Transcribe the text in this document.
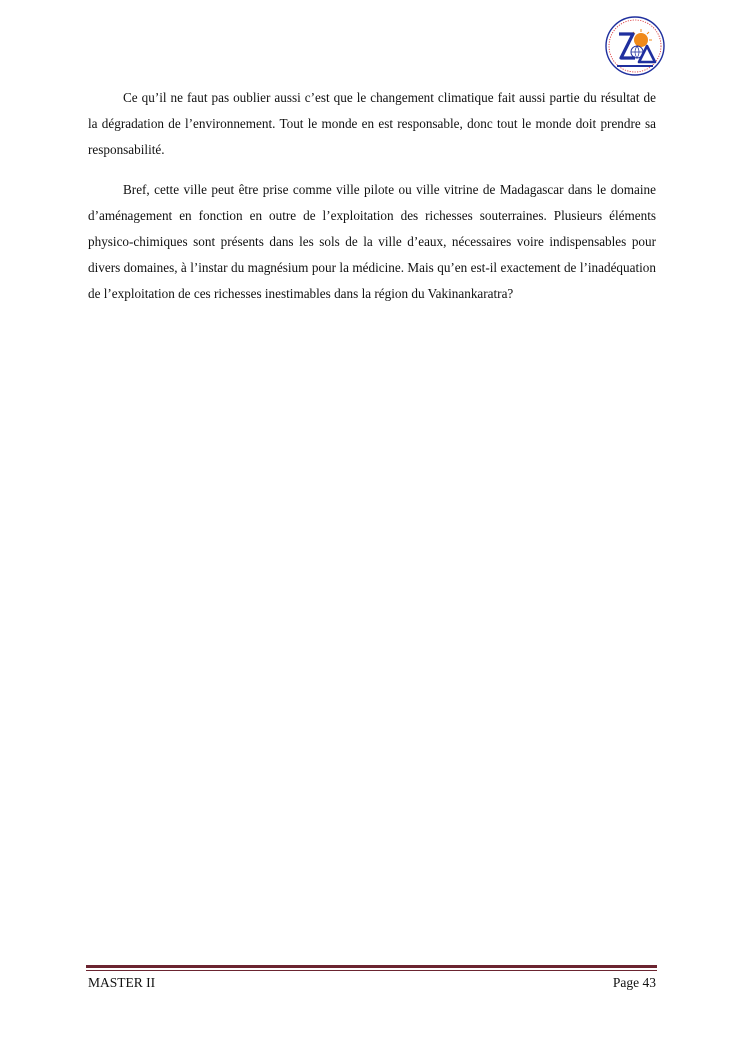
Ce qu’il ne faut pas oublier aussi c’est que le changement climatique fait aussi partie du résultat de la dégradation de l’environnement. Tout le monde en est responsable, donc tout le monde doit prendre sa responsabilité.

Bref, cette ville peut être prise comme ville pilote ou ville vitrine de Madagascar dans le domaine d’aménagement en fonction en outre de l’exploitation des richesses souterraines. Plusieurs éléments physico-chimiques sont présents dans les sols de la ville d’eaux, nécessaires voire indispensables pour divers domaines, à l’instar du magnésium pour la médicine. Mais qu’en est-il exactement de l’inadéquation de l’exploitation de ces richesses inestimables dans la région du Vakinankaratra?

MASTER II	Page 43
